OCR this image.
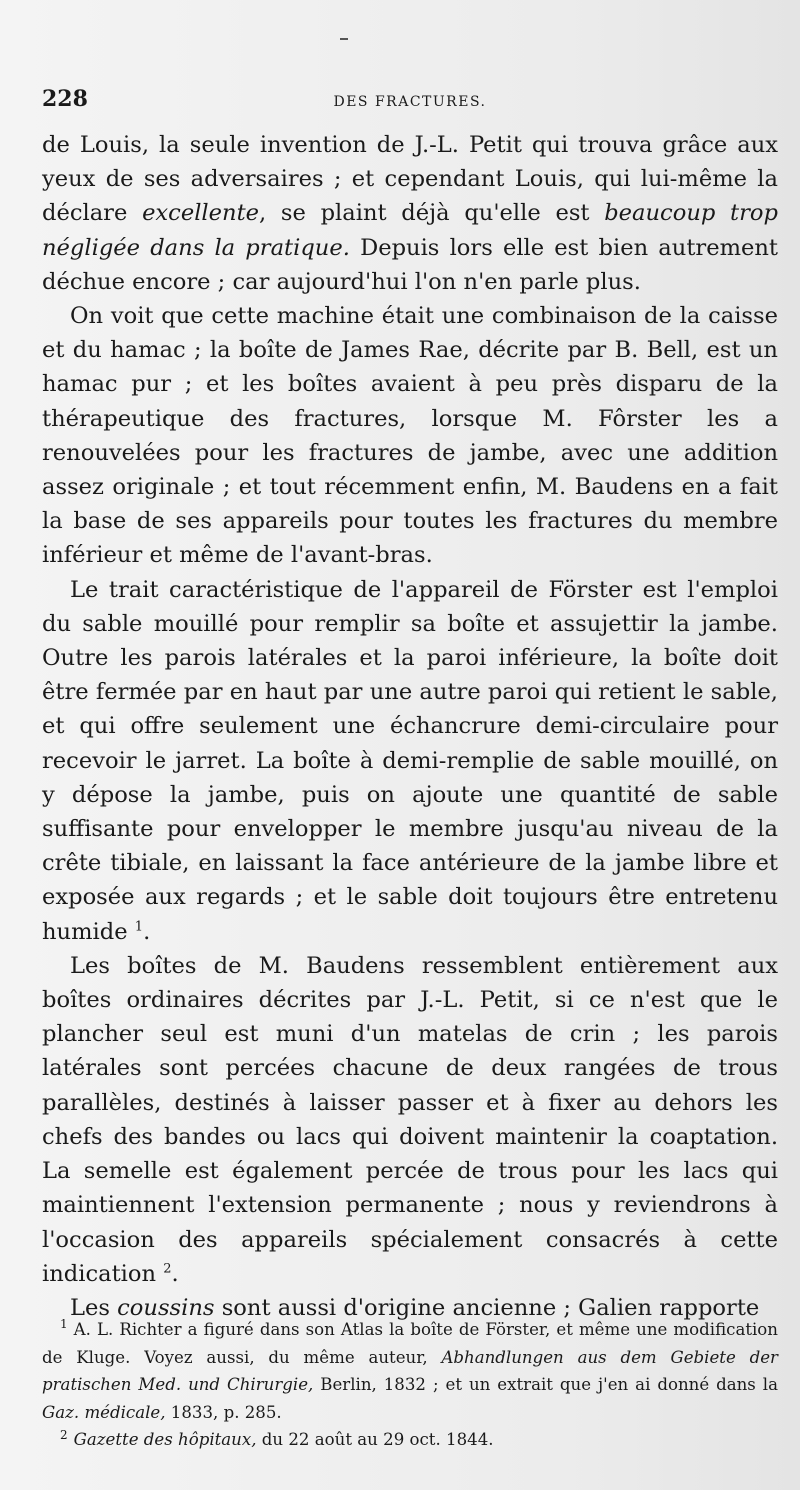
228	DES FRACTURES.

de Louis, la seule invention de J.-L. Petit qui trouva grâce aux yeux de ses adversaires ; et cependant Louis, qui lui-même la déclare excellente, se plaint déjà qu'elle est beaucoup trop négligée dans la pratique. Depuis lors elle est bien autrement déchue encore ; car aujourd'hui l'on n'en parle plus.

On voit que cette machine était une combinaison de la caisse et du hamac ; la boîte de James Rae, décrite par B. Bell, est un hamac pur ; et les boîtes avaient à peu près disparu de la thérapeutique des fractures, lorsque M. Fôrster les a renouvelées pour les fractures de jambe, avec une addition assez originale ; et tout récemment enfin, M. Baudens en a fait la base de ses appareils pour toutes les fractures du membre inférieur et même de l'avant-bras.

Le trait caractéristique de l'appareil de Förster est l'emploi du sable mouillé pour remplir sa boîte et assujettir la jambe. Outre les parois latérales et la paroi inférieure, la boîte doit être fermée par en haut par une autre paroi qui retient le sable, et qui offre seulement une échancrure demi-circulaire pour recevoir le jarret. La boîte à demi-remplie de sable mouillé, on y dépose la jambe, puis on ajoute une quantité de sable suffisante pour envelopper le membre jusqu'au niveau de la crête tibiale, en laissant la face antérieure de la jambe libre et exposée aux regards ; et le sable doit toujours être entretenu humide $^1$.

Les boîtes de M. Baudens ressemblent entièrement aux boîtes ordinaires décrites par J.-L. Petit, si ce n'est que le plancher seul est muni d'un matelas de crin ; les parois latérales sont percées chacune de deux rangées de trous parallèles, destinés à laisser passer et à fixer au dehors les chefs des bandes ou lacs qui doivent maintenir la coaptation. La semelle est également percée de trous pour les lacs qui maintiennent l'extension permanente ; nous y reviendrons à l'occasion des appareils spécialement consacrés à cette indication $^2$.

Les coussins sont aussi d'origine ancienne ; Galien rapporte

$^1$ A. L. Richter a figuré dans son Atlas la boîte de Förster, et même une modification de Kluge. Voyez aussi, du même auteur, Abhandlungen aus dem Gebiete der pratischen Med. und Chirurgie, Berlin, 1832 ; et un extrait que j'en ai donné dans la Gaz. médicale, 1833, p. 285.

$^2$ Gazette des hôpitaux, du 22 août au 29 oct. 1844.
